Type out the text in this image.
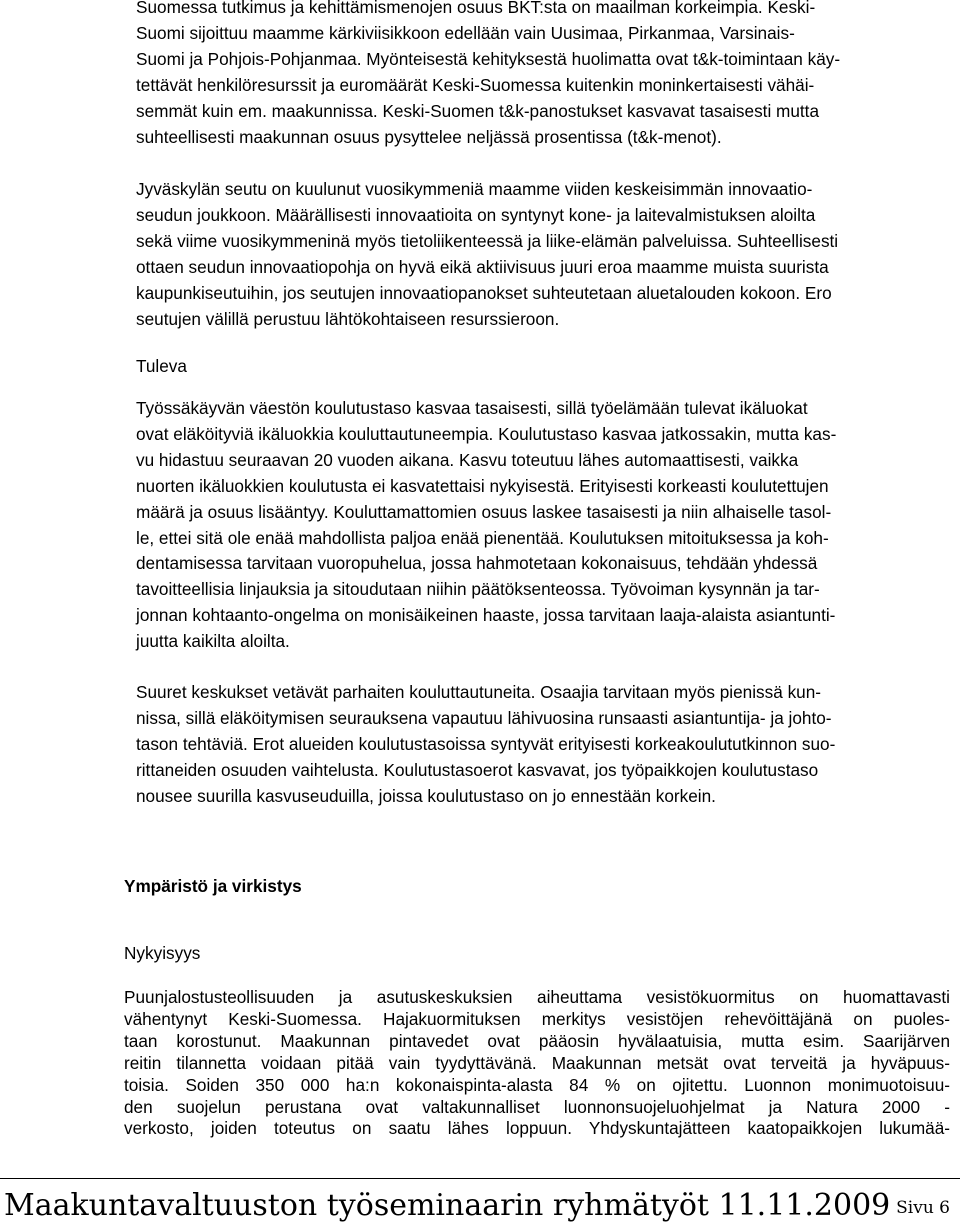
Suomessa tutkimus ja kehittämismenojen osuus BKT:sta on maailman korkeimpia. Keski-
Suomi sijoittuu maamme kärkiviisikkoon edellään vain Uusimaa, Pirkanmaa, Varsinais-
Suomi ja Pohjois-Pohjanmaa. Myönteisestä kehityksestä huolimatta ovat t&k-toimintaan käy-
tettävät henkilöresurssit ja euromäärät Keski-Suomessa kuitenkin moninkertaisesti vähäi-
semmät kuin em. maakunnissa. Keski-Suomen t&k-panostukset kasvavat tasaisesti mutta
suhteellisesti maakunnan osuus pysyttelee neljässä prosentissa (t&k-menot).
Jyväskylän seutu on kuulunut vuosikymmeniä maamme viiden keskeisimmän innovaatio-
seudun joukkoon. Määrällisesti innovaatioita on syntynyt kone- ja laitevalmistuksen aloilta
sekä viime vuosikymmeninä myös tietoliikenteessä ja liike-elämän palveluissa. Suhteellisesti
ottaen seudun innovaatiopohja on hyvä eikä aktiivisuus juuri eroa maamme muista suurista
kaupunkiseutuihin, jos seutujen innovaatiopanokset suhteutetaan aluetalouden kokoon. Ero
seutujen välillä perustuu lähtökohtaiseen resurssieroon.
Tuleva
Työssäkäyvän väestön koulutustaso kasvaa tasaisesti, sillä työelämään tulevat ikäluokat
ovat eläköityviä ikäluokkia kouluttautuneempia. Koulutustaso kasvaa jatkossakin, mutta kas-
vu hidastuu seuraavan 20 vuoden aikana. Kasvu toteutuu lähes automaattisesti, vaikka
nuorten ikäluokkien koulutusta ei kasvatettaisi nykyisestä. Erityisesti korkeasti koulutettujen
määrä ja osuus lisääntyy. Kouluttamattomien osuus laskee tasaisesti ja niin alhaiselle tasol-
le, ettei sitä ole enää mahdollista paljoa enää pienentää. Koulutuksen mitoituksessa ja koh-
dentamisessa tarvitaan vuoropuhelua, jossa hahmotetaan kokonaisuus, tehdään yhdessä
tavoitteellisia linjauksia ja sitoudutaan niihin päätöksenteossa. Työvoiman kysynnän ja tar-
jonnan kohtaanto-ongelma on monisäikeinen haaste, jossa tarvitaan laaja-alaista asiantunti-
juutta kaikilta aloilta.
Suuret keskukset vetävät parhaiten kouluttautuneita. Osaajia tarvitaan myös pienissä kun-
nissa, sillä eläköitymisen seurauksena vapautuu lähivuosina runsaasti asiantuntija- ja johto-
tason tehtäviä. Erot alueiden koulutustasoissa syntyvät erityisesti korkeakoulututkinnon suo-
rittaneiden osuuden vaihtelusta. Koulutustasoerot kasvavat, jos työpaikkojen koulutustaso
nousee suurilla kasvuseuduilla, joissa koulutustaso on jo ennestään korkein.
Ympäristö ja virkistys
Nykyisyys
Puunjalostusteollisuuden ja asutuskeskuksien aiheuttama vesistökuormitus on huomattavasti
vähentynyt Keski-Suomessa. Hajakuormituksen merkitys vesistöjen rehevöittäjänä on puoles-
taan korostunut. Maakunnan pintavedet ovat pääosin hyvälaatuisia, mutta esim. Saarijärven
reitin tilannetta voidaan pitää vain tyydyttävänä. Maakunnan metsät ovat terveitä ja hyväpuus-
toisia. Soiden 350 000 ha:n kokonaispinta-alasta 84 % on ojitettu. Luonnon monimuotoisuu-
den suojelun perustana ovat valtakunnalliset luonnonsuojeluohjelmat ja Natura 2000 -
verkosto, joiden toteutus on saatu lähes loppuun. Yhdyskuntajätteen kaatopaikkojen lukumää-
Maakuntavaltuuston työseminaarin ryhmätyöt 11.11.2009 Sivu 6
